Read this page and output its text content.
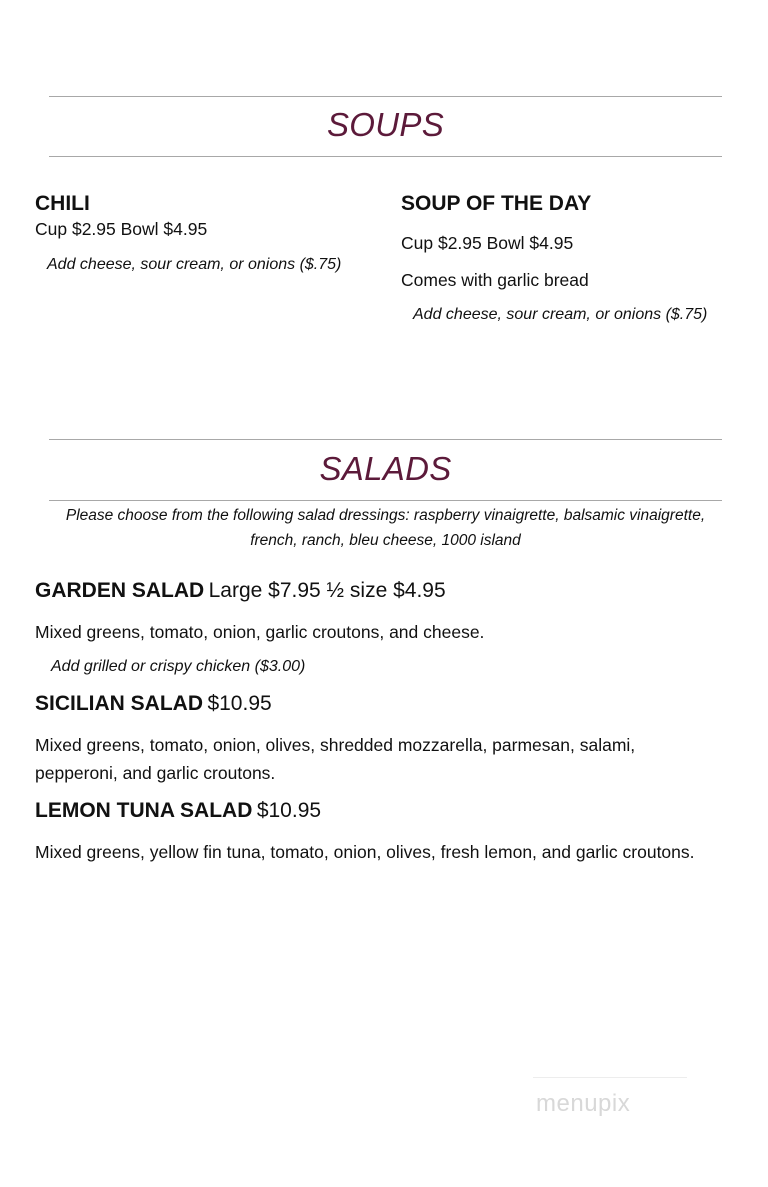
SOUPS
CHILI
Cup $2.95 Bowl $4.95
Add cheese, sour cream, or onions ($.75)
SOUP OF THE DAY
Cup $2.95 Bowl $4.95
Comes with garlic bread
Add cheese, sour cream, or onions ($.75)
SALADS
Please choose from the following salad dressings: raspberry vinaigrette, balsamic vinaigrette,
french, ranch, bleu cheese, 1000 island
GARDEN SALAD Large $7.95 ½ size $4.95
Mixed greens, tomato, onion, garlic croutons, and cheese.
Add grilled or crispy chicken ($3.00)
SICILIAN SALAD $10.95
Mixed greens, tomato, onion, olives, shredded mozzarella, parmesan, salami,
pepperoni, and garlic croutons.
LEMON TUNA SALAD $10.95
Mixed greens, yellow fin tuna, tomato, onion, olives, fresh lemon, and garlic croutons.
menupix
